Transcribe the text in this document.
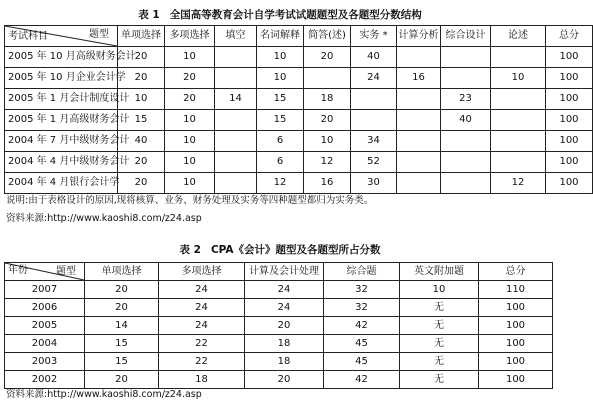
表 1 全国高等教育会计自学考试试题题型及各题型分数结构
题型
考试科目	单项选择	多项选择	填空	名词解释	简答(述)	实务 *	计算分析	综合设计	论述	总分
2005 年 10 月高级财务会计	20	10		10	20	40				100
2005 年 10 月企业会计学	20	20		10		24	16		10	100
2005 年 1 月会计制度设计	10	20	14	15	18			23		100
2005 年 1 月高级财务会计	15	10		15	20			40		100
2004 年 7 月中级财务会计	40	10		6	10	34				100
2004 年 4 月中级财务会计	20	10		6	12	52				100
2004 年 4 月银行会计学	20	10		12	16	30			12	100
说明:由于表格设计的原因,现将核算、业务、财务处理及实务等四种题型都归为实务类。
资料来源:http://www.kaoshi8.com/z24.asp
表 2 CPA《会计》题型及各题型所占分数
题型
年份	单项选择	多项选择	计算及会计处理	综合题	英文附加题	总分
2007	20	24	24	32	10	110
2006	20	24	24	32	无	100
2005	14	24	20	42	无	100
2004	15	22	18	45	无	100
2003	15	22	18	45	无	100
2002	20	18	20	42	无	100
资料来源:http://www.kaoshi8.com/z24.asp
